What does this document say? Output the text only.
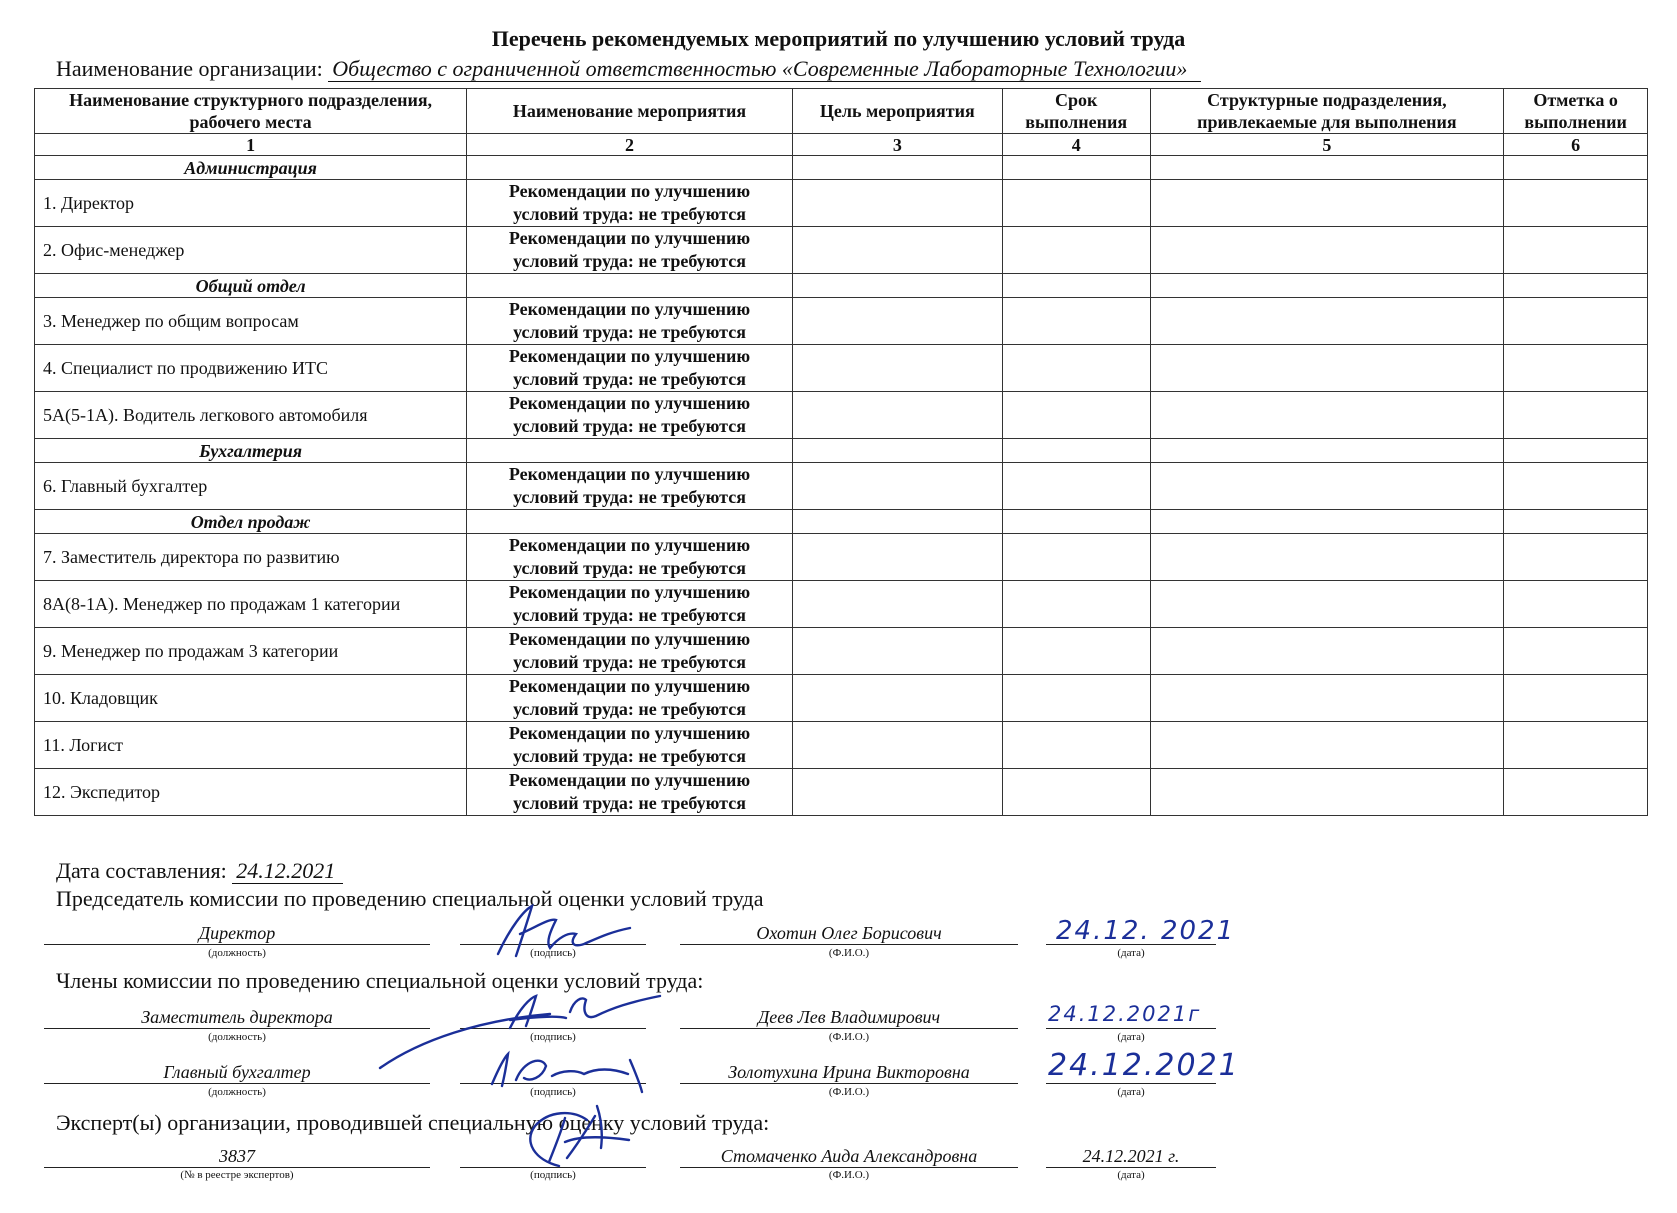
Перечень рекомендуемых мероприятий по улучшению условий труда
Наименование организации: Общество с ограниченной ответственностью «Современные Лабораторные Технологии»
Наименование структурного подразделения, рабочего места	Наименование мероприятия	Цель мероприятия	Срок выполнения	Структурные подразделения, привлекаемые для выполнения	Отметка о выполнении
1	2	3	4	5	6
Администрация					
1. Директор	Рекомендации по улучшению
условий труда: не требуются				

2. Офис-менеджер	Рекомендации по улучшению
условий труда: не требуются				

Общий отдел					
3. Менеджер по общим вопросам	Рекомендации по улучшению
условий труда: не требуются				

4. Специалист по продвижению ИТС	Рекомендации по улучшению
условий труда: не требуются				

5А(5-1А). Водитель легкового автомобиля	Рекомендации по улучшению
условий труда: не требуются				

Бухгалтерия					
6. Главный бухгалтер	Рекомендации по улучшению
условий труда: не требуются				

Отдел продаж					
7. Заместитель директора по развитию	Рекомендации по улучшению
условий труда: не требуются				

8А(8-1А). Менеджер по продажам 1 категории	Рекомендации по улучшению
условий труда: не требуются				

9. Менеджер по продажам 3 категории	Рекомендации по улучшению
условий труда: не требуются				

10. Кладовщик	Рекомендации по улучшению
условий труда: не требуются				

11. Логист	Рекомендации по улучшению
условий труда: не требуются				

12. Экспедитор	Рекомендации по улучшению
условий труда: не требуются				

Дата составления: 24.12.2021
Председатель комиссии по проведению специальной оценки условий труда
Директор
(должность)	(подпись)
Охотин Олег Борисович
(Ф.И.О.)
24.12. 2021
(дата)
Члены комиссии по проведению специальной оценки условий труда:
Заместитель директора
(должность)	(подпись)
Деев Лев Владимирович
(Ф.И.О.)
24.12.2021г
(дата)
Главный бухгалтер
(должность)	(подпись)
Золотухина Ирина Викторовна
(Ф.И.О.)
24.12.2021
(дата)
Эксперт(ы) организации, проводившей специальную оценку условий труда:
3837
(№ в реестре экспертов)	(подпись)
Стомаченко Аида Александровна
(Ф.И.О.)
24.12.2021 г.
(дата)
